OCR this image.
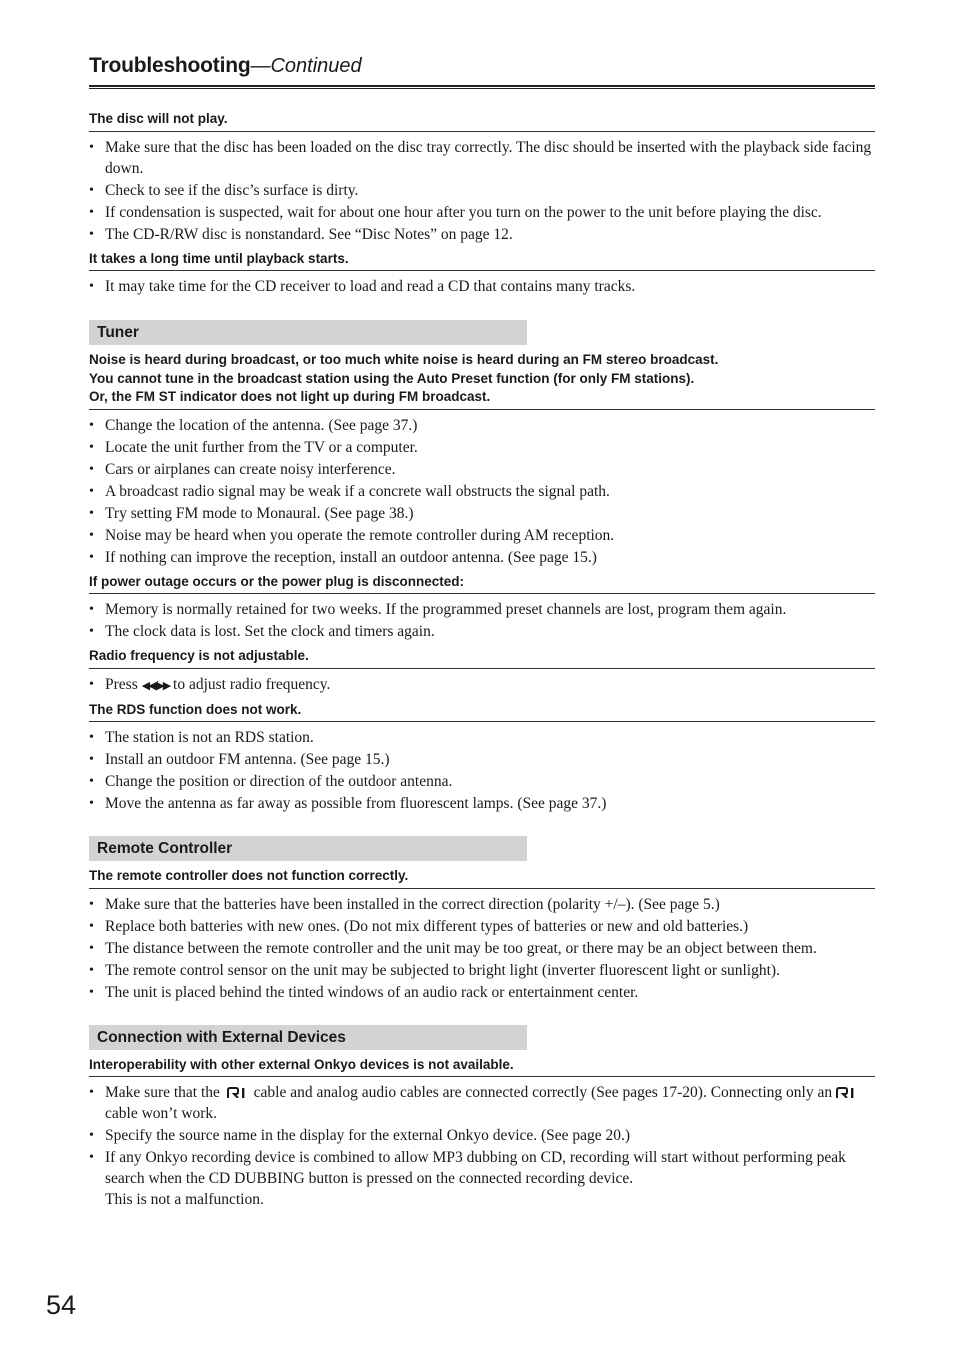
Troubleshooting—Continued
The disc will not play.
• Make sure that the disc has been loaded on the disc tray correctly. The disc should be inserted with the playback side facing down.
• Check to see if the disc’s surface is dirty.
• If condensation is suspected, wait for about one hour after you turn on the power to the unit before playing the disc.
• The CD-R/RW disc is nonstandard. See “Disc Notes” on page 12.
It takes a long time until playback starts.
• It may take time for the CD receiver to load and read a CD that contains many tracks.
Tuner
Noise is heard during broadcast, or too much white noise is heard during an FM stereo broadcast.
You cannot tune in the broadcast station using the Auto Preset function (for only FM stations).
Or, the FM ST indicator does not light up during FM broadcast.
• Change the location of the antenna. (See page 37.)
• Locate the unit further from the TV or a computer.
• Cars or airplanes can create noisy interference.
• A broadcast radio signal may be weak if a concrete wall obstructs the signal path.
• Try setting FM mode to Monaural. (See page 38.)
• Noise may be heard when you operate the remote controller during AM reception.
• If nothing can improve the reception, install an outdoor antenna. (See page 15.)
If power outage occurs or the power plug is disconnected:
• Memory is normally retained for two weeks. If the programmed preset channels are lost, program them again.
• The clock data is lost. Set the clock and timers again.
Radio frequency is not adjustable.
• Press ◀◀/▶▶ to adjust radio frequency.
The RDS function does not work.
• The station is not an RDS station.
• Install an outdoor FM antenna. (See page 15.)
• Change the position or direction of the outdoor antenna.
• Move the antenna as far away as possible from fluorescent lamps. (See page 37.)
Remote Controller
The remote controller does not function correctly.
• Make sure that the batteries have been installed in the correct direction (polarity +/–). (See page 5.)
• Replace both batteries with new ones. (Do not mix different types of batteries or new and old batteries.)
• The distance between the remote controller and the unit may be too great, or there may be an object between them.
• The remote control sensor on the unit may be subjected to bright light (inverter fluorescent light or sunlight).
• The unit is placed behind the tinted windows of an audio rack or entertainment center.
Connection with External Devices
Interoperability with other external Onkyo devices is not available.
• Make sure that the cable and analog audio cables are connected correctly (See pages 17-20). Connecting only an  cable won’t work.
• Specify the source name in the display for the external Onkyo device. (See page 20.)
• If any Onkyo recording device is combined to allow MP3 dubbing on CD, recording will start without performing peak search when the CD DUBBING button is pressed on the connected recording device.
This is not a malfunction.
54
